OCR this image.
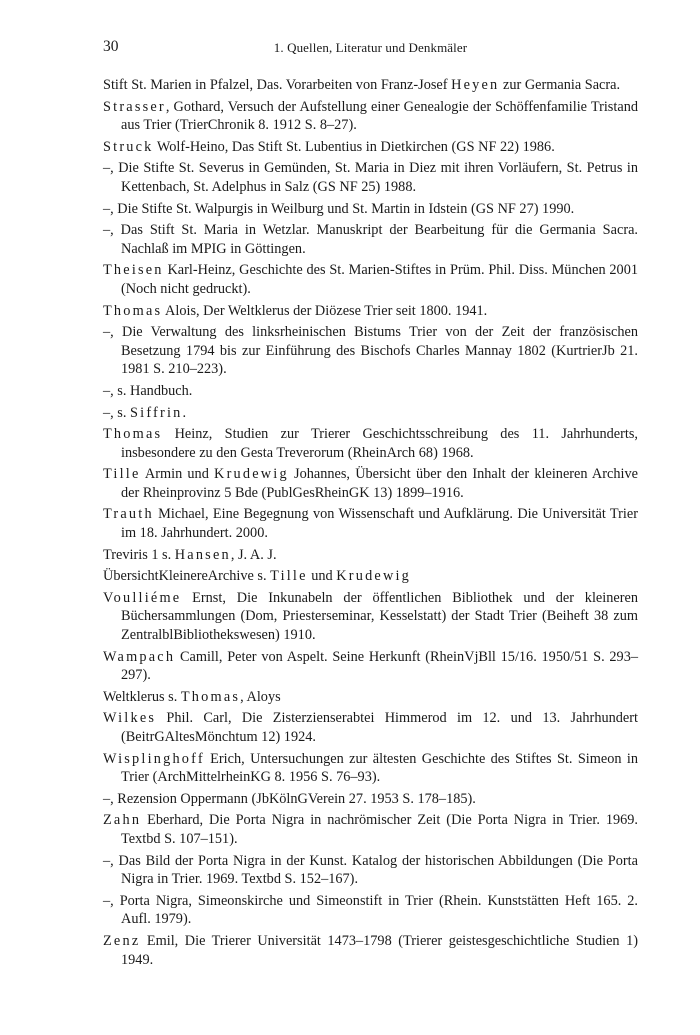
30	1. Quellen, Literatur und Denkmäler

Stift St. Marien in Pfalzel, Das. Vorarbeiten von Franz-Josef Heyen zur Germania Sacra.

Strasser, Gothard, Versuch der Aufstellung einer Genealogie der Schöffenfamilie Tristand aus Trier (TrierChronik 8. 1912 S. 8–27).

Struck Wolf-Heino, Das Stift St. Lubentius in Dietkirchen (GS NF 22) 1986.

–, Die Stifte St. Severus in Gemünden, St. Maria in Diez mit ihren Vorläufern, St. Petrus in Kettenbach, St. Adelphus in Salz (GS NF 25) 1988.

–, Die Stifte St. Walpurgis in Weilburg und St. Martin in Idstein (GS NF 27) 1990.

–, Das Stift St. Maria in Wetzlar. Manuskript der Bearbeitung für die Germania Sacra. Nachlaß im MPIG in Göttingen.

Theisen Karl-Heinz, Geschichte des St. Marien-Stiftes in Prüm. Phil. Diss. München 2001 (Noch nicht gedruckt).

Thomas Alois, Der Weltklerus der Diözese Trier seit 1800. 1941.

–, Die Verwaltung des linksrheinischen Bistums Trier von der Zeit der französischen Besetzung 1794 bis zur Einführung des Bischofs Charles Mannay 1802 (KurtrierJb 21. 1981 S. 210–223).

–, s. Handbuch.

–, s. Siffrin.

Thomas Heinz, Studien zur Trierer Geschichtsschreibung des 11. Jahrhunderts, insbesondere zu den Gesta Treverorum (RheinArch 68) 1968.

Tille Armin und Krudewig Johannes, Übersicht über den Inhalt der kleineren Archive der Rheinprovinz 5 Bde (PublGesRheinGK 13) 1899–1916.

Trauth Michael, Eine Begegnung von Wissenschaft und Aufklärung. Die Universität Trier im 18. Jahrhundert. 2000.

Treviris 1 s. Hansen, J. A. J.

ÜbersichtKleinereArchive s. Tille und Krudewig

Voulliéme Ernst, Die Inkunabeln der öffentlichen Bibliothek und der kleineren Büchersammlungen (Dom, Priesterseminar, Kesselstatt) der Stadt Trier (Beiheft 38 zum ZentralblBibliothekswesen) 1910.

Wampach Camill, Peter von Aspelt. Seine Herkunft (RheinVjBll 15/16. 1950/51 S. 293–297).

Weltklerus s. Thomas, Aloys

Wilkes Phil. Carl, Die Zisterzienserabtei Himmerod im 12. und 13. Jahrhundert (BeitrGAltesMönchtum 12) 1924.

Wisplinghoff Erich, Untersuchungen zur ältesten Geschichte des Stiftes St. Simeon in Trier (ArchMittelrheinKG 8. 1956 S. 76–93).

–, Rezension Oppermann (JbKölnGVerein 27. 1953 S. 178–185).

Zahn Eberhard, Die Porta Nigra in nachrömischer Zeit (Die Porta Nigra in Trier. 1969. Textbd S. 107–151).

–, Das Bild der Porta Nigra in der Kunst. Katalog der historischen Abbildungen (Die Porta Nigra in Trier. 1969. Textbd S. 152–167).

–, Porta Nigra, Simeonskirche und Simeonstift in Trier (Rhein. Kunststätten Heft 165. 2. Aufl. 1979).

Zenz Emil, Die Trierer Universität 1473–1798 (Trierer geistesgeschichtliche Studien 1) 1949.
